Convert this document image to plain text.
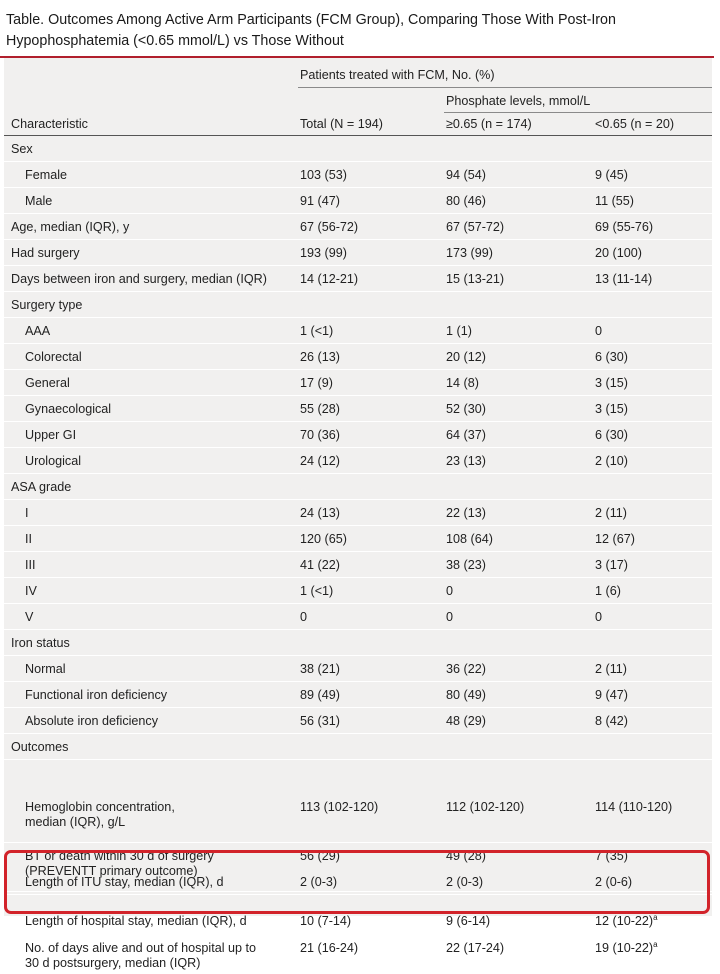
Table. Outcomes Among Active Arm Participants (FCM Group), Comparing Those With Post-Iron Hypophosphatemia (<0.65 mmol/L) vs Those Without
Patients treated with FCM, No. (%)
Phosphate levels, mmol/L
Characteristic	Total (N = 194)	≥0.65 (n = 174)	<0.65 (n = 20)
Sex
Female	103 (53)	94 (54)	9 (45)
Male	91 (47)	80 (46)	11 (55)
Age, median (IQR), y	67 (56-72)	67 (57-72)	69 (55-76)
Had surgery	193 (99)	173 (99)	20 (100)
Days between iron and surgery, median (IQR)	14 (12-21)	15 (13-21)	13 (11-14)
Surgery type
AAA	1 (<1)	1 (1)	0
Colorectal	26 (13)	20 (12)	6 (30)
General	17 (9)	14 (8)	3 (15)
Gynaecological	55 (28)	52 (30)	3 (15)
Upper GI	70 (36)	64 (37)	6 (30)
Urological	24 (12)	23 (13)	2 (10)
ASA grade
I	24 (13)	22 (13)	2 (11)
II	120 (65)	108 (64)	12 (67)
III	41 (22)	38 (23)	3 (17)
IV	1 (<1)	0	1 (6)
V	0	0	0
Iron status
Normal	38 (21)	36 (22)	2 (11)
Functional iron deficiency	89 (49)	80 (49)	9 (47)
Absolute iron deficiency	56 (31)	48 (29)	8 (42)
Outcomes
Hemoglobin concentration,
median (IQR), g/L
113 (102-120)	112 (102-120)	114 (110-120)
BT or death within 30 d of surgery
(PREVENTT primary outcome)
56 (29)	49 (28)	7 (35)
Length of ITU stay, median (IQR), d	2 (0-3)	2 (0-3)	2 (0-6)
Length of hospital stay, median (IQR), d	10 (7-14)	9 (6-14)	12 $(10-22)^a$
No. of days alive and out of hospital up to
30 d postsurgery, median (IQR)
21 (16-24)	22 (17-24)	19 $(10-22)^a$
